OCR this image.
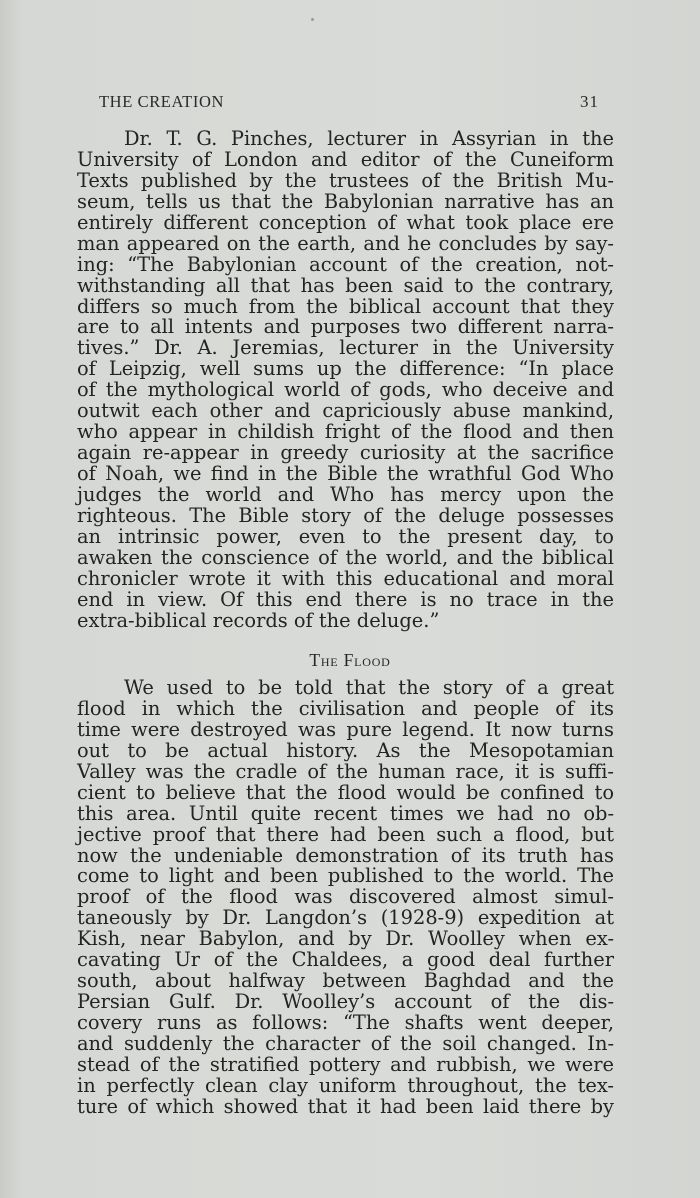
THE CREATION	31
Dr. T. G. Pinches, lecturer in Assyrian in the
University of London and editor of the Cuneiform
Texts published by the trustees of the British Mu-
seum, tells us that the Babylonian narrative has an
entirely different conception of what took place ere
man appeared on the earth, and he concludes by say-
ing: “The Babylonian account of the creation, not-
withstanding all that has been said to the contrary,
differs so much from the biblical account that they
are to all intents and purposes two different narra-
tives.” Dr. A. Jeremias, lecturer in the University
of Leipzig, well sums up the difference: “In place
of the mythological world of gods, who deceive and
outwit each other and capriciously abuse mankind,
who appear in childish fright of the flood and then
again re-appear in greedy curiosity at the sacrifice
of Noah, we find in the Bible the wrathful God Who
judges the world and Who has mercy upon the
righteous. The Bible story of the deluge possesses
an intrinsic power, even to the present day, to
awaken the conscience of the world, and the biblical
chronicler wrote it with this educational and moral
end in view. Of this end there is no trace in the
extra-biblical records of the deluge.”
The Flood
We used to be told that the story of a great
flood in which the civilisation and people of its
time were destroyed was pure legend. It now turns
out to be actual history. As the Mesopotamian
Valley was the cradle of the human race, it is suffi-
cient to believe that the flood would be confined to
this area. Until quite recent times we had no ob-
jective proof that there had been such a flood, but
now the undeniable demonstration of its truth has
come to light and been published to the world. The
proof of the flood was discovered almost simul-
taneously by Dr. Langdon’s (1928-9) expedition at
Kish, near Babylon, and by Dr. Woolley when ex-
cavating Ur of the Chaldees, a good deal further
south, about halfway between Baghdad and the
Persian Gulf. Dr. Woolley’s account of the dis-
covery runs as follows: “The shafts went deeper,
and suddenly the character of the soil changed. In-
stead of the stratified pottery and rubbish, we were
in perfectly clean clay uniform throughout, the tex-
ture of which showed that it had been laid there by
